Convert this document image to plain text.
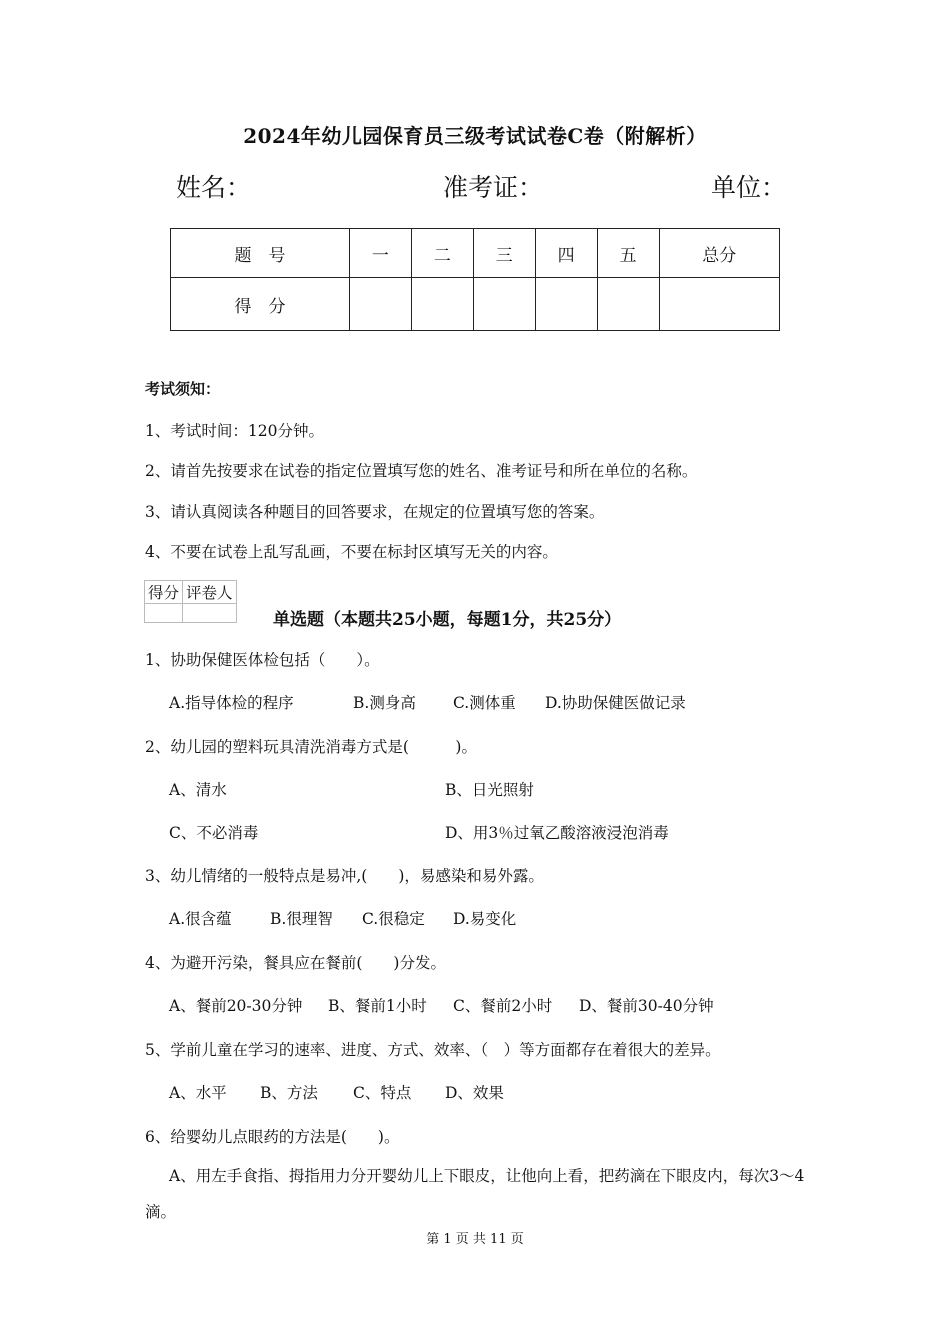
2024年幼儿园保育员三级考试试卷C卷（附解析）
姓名：	准考证：	单位：
题　号	一	二	三	四	五	总分
得　分						
考试须知：
1、考试时间：120分钟。
2、请首先按要求在试卷的指定位置填写您的姓名、准考证号和所在单位的名称。
3、请认真阅读各种题目的回答要求，在规定的位置填写您的答案。
4、不要在试卷上乱写乱画，不要在标封区填写无关的内容。
得分	评卷人

单选题（本题共25小题，每题1分，共25分）
1、协助保健医体检包括（　　）。
A.指导体检的程序	B.测身高 C.测体重 D.协助保健医做记录
2、幼儿园的塑料玩具清洗消毒方式是(　　　)。
A、清水	B、日光照射
C、不必消毒	D、用3％过氧乙酸溶液浸泡消毒
3、幼儿情绪的一般特点是易冲,(　　)，易感染和易外露。
A.很含蕴 B.很理智 C.很稳定 D.易变化
4、为避开污染，餐具应在餐前(　　)分发。
A、餐前20-30分钟 B、餐前1小时 C、餐前2小时 D、餐前30-40分钟
5、学前儿童在学习的速率、进度、方式、效率、（　）等方面都存在着很大的差异。
A、水平 B、方法 C、特点 D、效果
6、给婴幼儿点眼药的方法是(　　)。
A、用左手食指、拇指用力分开婴幼儿上下眼皮，让他向上看，把药滴在下眼皮内，每次3～4滴。
第 1 页 共 11 页
